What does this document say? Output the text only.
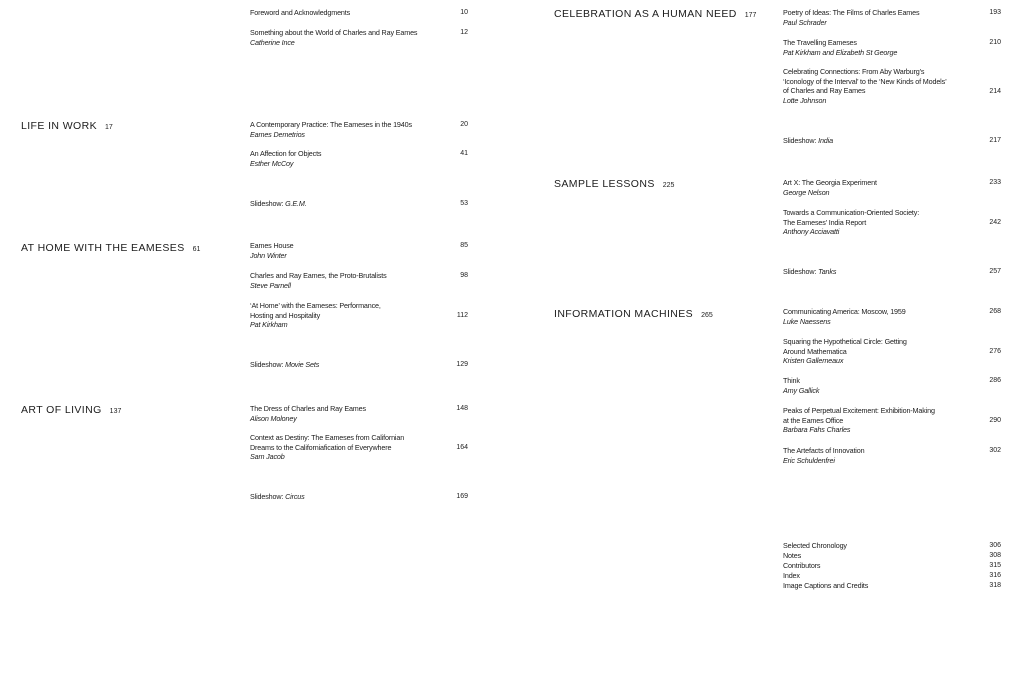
Foreword and Acknowledgments	10
Something about the World of Charles and Ray Eames
Catherine Ince
12
LIFE IN WORK 17	A Contemporary Practice: The Eameses in the 1940s
Eames Demetrios
20
An Affection for Objects
Esther McCoy
41
Slideshow: G.E.M.	53
AT HOME WITH THE EAMESES 61	Eames House
John Winter
85
Charles and Ray Eames, the Proto-Brutalists
Steve Parnell
98
‘At Home’ with the Eameses: Performance,
Hosting and Hospitality
Pat Kirkham
112
Slideshow: Movie Sets	129
ART OF LIVING 137	The Dress of Charles and Ray Eames
Alison Moloney
148
Context as Destiny: The Eameses from Californian
Dreams to the Californiafication of Everywhere
Sam Jacob
164
Slideshow: Circus	169
CELEBRATION AS A HUMAN NEED 177	Poetry of Ideas: The Films of Charles Eames
Paul Schrader
193
The Travelling Eameses
Pat Kirkham and Elizabeth St George
210
Celebrating Connections: From Aby Warburg’s
‘Iconology of the Interval’ to the ‘New Kinds of Models’
of Charles and Ray Eames
Lotte Johnson
214
Slideshow: India	217
SAMPLE LESSONS 225	Art X: The Georgia Experiment
George Nelson
233
Towards a Communication-Oriented Society:
The Eameses’ India Report
Anthony Acciavatti
242
Slideshow: Tanks	257
INFORMATION MACHINES 265	Communicating America: Moscow, 1959
Luke Naessens
268
Squaring the Hypothetical Circle: Getting
Around Mathematica
Kristen Gallerneaux
276
Think
Amy Gallick
286
Peaks of Perpetual Excitement: Exhibition-Making
at the Eames Office
Barbara Fahs Charles
290
The Artefacts of Innovation
Eric Schuldenfrei
302
Selected Chronology	306
Notes	308
Contributors	315
Index	316
Image Captions and Credits	318
